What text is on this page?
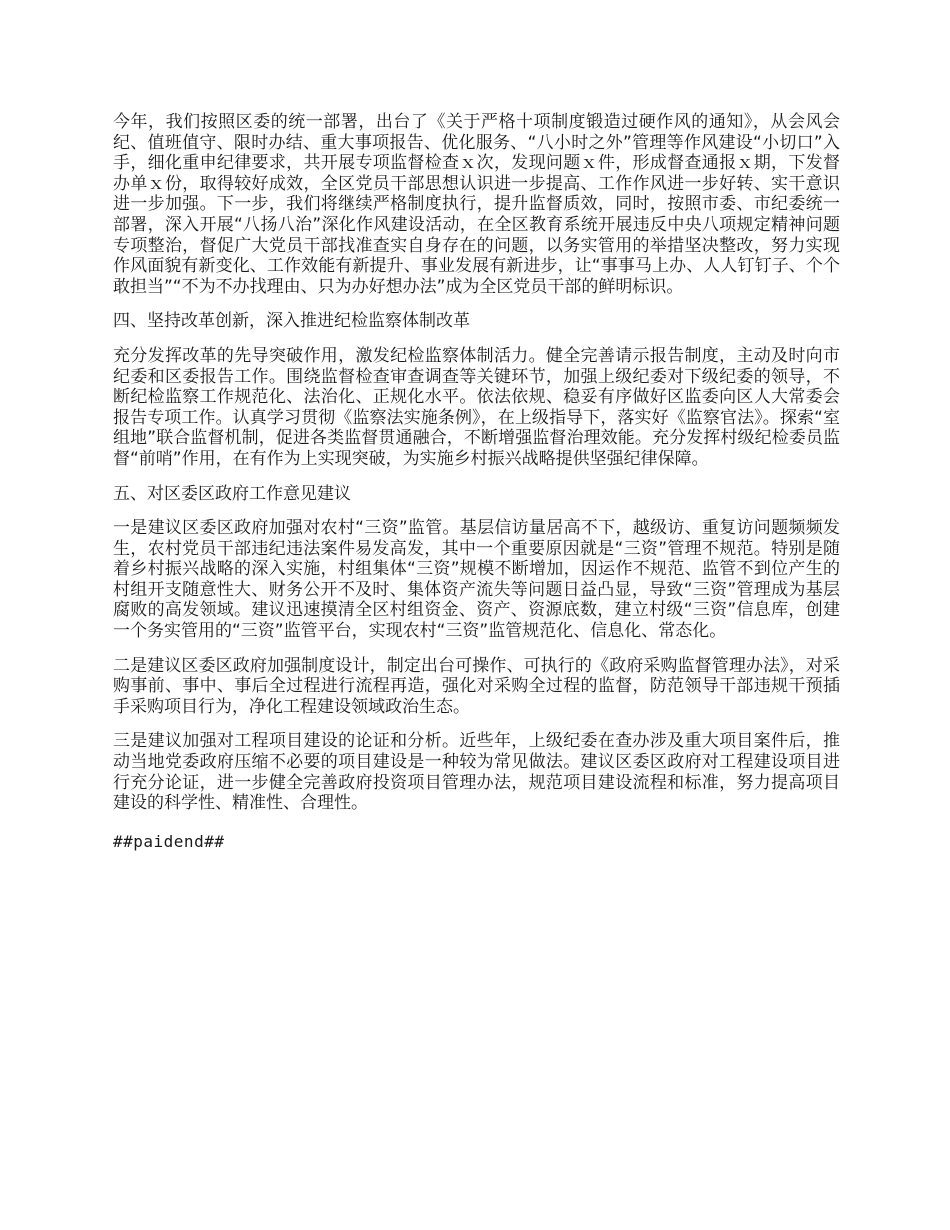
今年，我们按照区委的统一部署，出台了《关于严格十项制度锻造过硬作风的通知》，从会风会纪、值班值守、限时办结、重大事项报告、优化服务、“八小时之外”管理等作风建设“小切口”入手，细化重申纪律要求，共开展专项监督检查ｘ次，发现问题ｘ件，形成督查通报ｘ期，下发督办单ｘ份，取得较好成效，全区党员干部思想认识进一步提高、工作作风进一步好转、实干意识进一步加强。下一步，我们将继续严格制度执行，提升监督质效，同时，按照市委、市纪委统一部署，深入开展“八扬八治”深化作风建设活动，在全区教育系统开展违反中央八项规定精神问题专项整治，督促广大党员干部找准查实自身存在的问题，以务实管用的举措坚决整改，努力实现作风面貌有新变化、工作效能有新提升、事业发展有新进步，让“事事马上办、人人钉钉子、个个敢担当”“不为不办找理由、只为办好想办法”成为全区党员干部的鲜明标识。

四、坚持改革创新，深入推进纪检监察体制改革

充分发挥改革的先导突破作用，激发纪检监察体制活力。健全完善请示报告制度，主动及时向市纪委和区委报告工作。围绕监督检查审查调查等关键环节，加强上级纪委对下级纪委的领导，不断纪检监察工作规范化、法治化、正规化水平。依法依规、稳妥有序做好区监委向区人大常委会报告专项工作。认真学习贯彻《监察法实施条例》，在上级指导下，落实好《监察官法》。探索“室组地”联合监督机制，促进各类监督贯通融合，不断增强监督治理效能。充分发挥村级纪检委员监督“前哨”作用，在有作为上实现突破，为实施乡村振兴战略提供坚强纪律保障。

五、对区委区政府工作意见建议

一是建议区委区政府加强对农村“三资”监管。基层信访量居高不下，越级访、重复访问题频频发生，农村党员干部违纪违法案件易发高发，其中一个重要原因就是“三资”管理不规范。特别是随着乡村振兴战略的深入实施，村组集体“三资”规模不断增加，因运作不规范、监管不到位产生的村组开支随意性大、财务公开不及时、集体资产流失等问题日益凸显，导致“三资”管理成为基层腐败的高发领域。建议迅速摸清全区村组资金、资产、资源底数，建立村级“三资”信息库，创建一个务实管用的“三资”监管平台，实现农村“三资”监管规范化、信息化、常态化。

二是建议区委区政府加强制度设计，制定出台可操作、可执行的《政府采购监督管理办法》，对采购事前、事中、事后全过程进行流程再造，强化对采购全过程的监督，防范领导干部违规干预插手采购项目行为，净化工程建设领域政治生态。

三是建议加强对工程项目建设的论证和分析。近些年，上级纪委在查办涉及重大项目案件后，推动当地党委政府压缩不必要的项目建设是一种较为常见做法。建议区委区政府对工程建设项目进行充分论证，进一步健全完善政府投资项目管理办法，规范项目建设流程和标准，努力提高项目建设的科学性、精准性、合理性。

##paidend##
